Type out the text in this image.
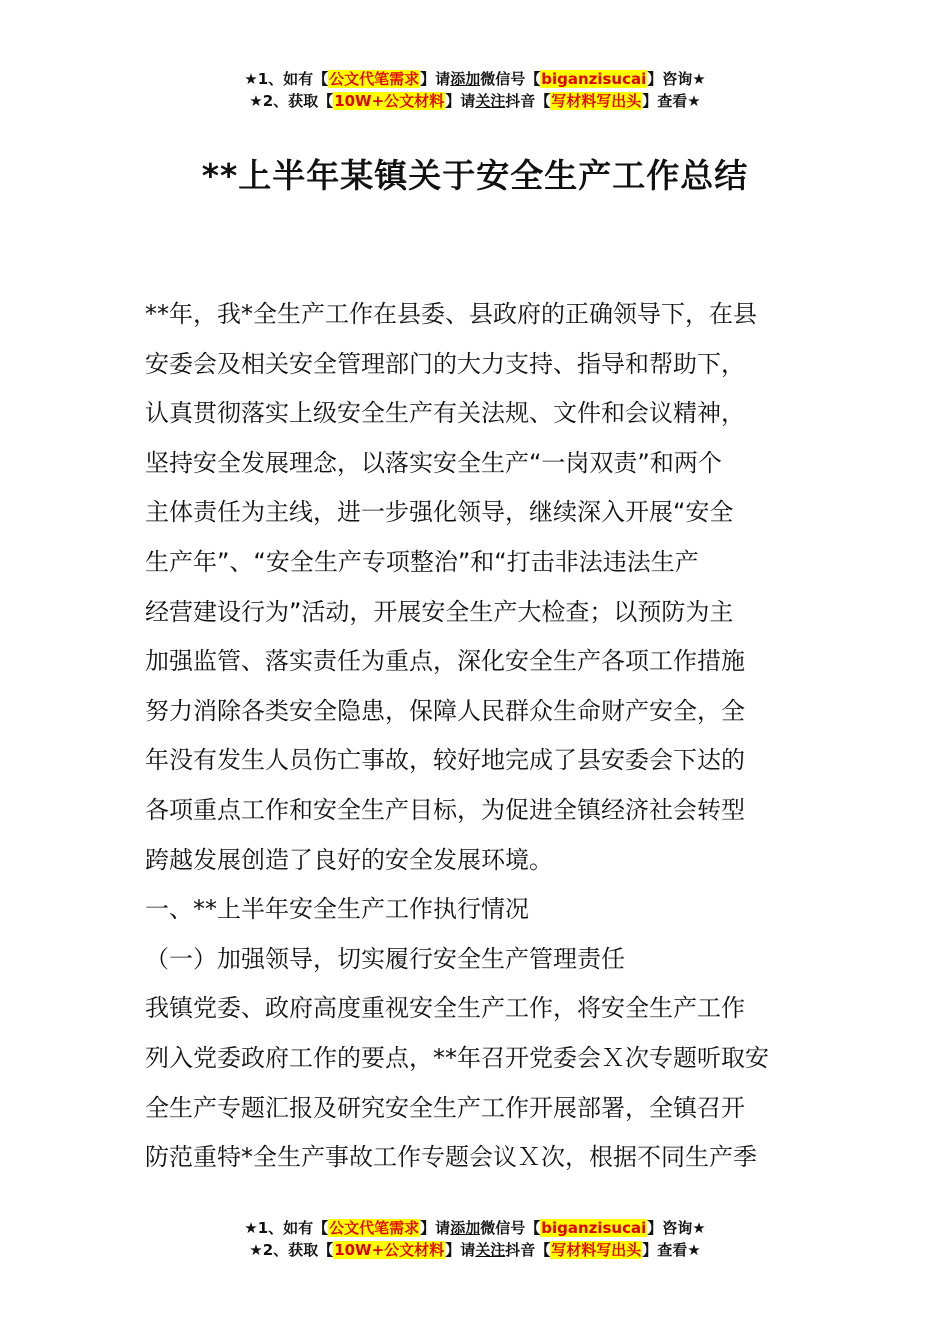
★1、如有【公文代笔需求】请添加微信号【biganzisucai】咨询★
★2、获取【10W+公文材料】请关注抖音【写材料写出头】查看★
**上半年某镇关于安全生产工作总结
**年，我*全生产工作在县委、县政府的正确领导下，在县
安委会及相关安全管理部门的大力支持、指导和帮助下，
认真贯彻落实上级安全生产有关法规、文件和会议精神，
坚持安全发展理念，以落实安全生产“一岗双责”和两个
主体责任为主线，进一步强化领导，继续深入开展“安全
生产年”、“安全生产专项整治”和“打击非法违法生产
经营建设行为”活动，开展安全生产大检查；以预防为主
加强监管、落实责任为重点，深化安全生产各项工作措施
努力消除各类安全隐患，保障人民群众生命财产安全，全
年没有发生人员伤亡事故，较好地完成了县安委会下达的
各项重点工作和安全生产目标，为促进全镇经济社会转型
跨越发展创造了良好的安全发展环境。
一、**上半年安全生产工作执行情况
（一）加强领导，切实履行安全生产管理责任
我镇党委、政府高度重视安全生产工作，将安全生产工作
列入党委政府工作的要点，**年召开党委会Ｘ次专题听取安
全生产专题汇报及研究安全生产工作开展部署，全镇召开
防范重特*全生产事故工作专题会议Ｘ次，根据不同生产季
★1、如有【公文代笔需求】请添加微信号【biganzisucai】咨询★
★2、获取【10W+公文材料】请关注抖音【写材料写出头】查看★
